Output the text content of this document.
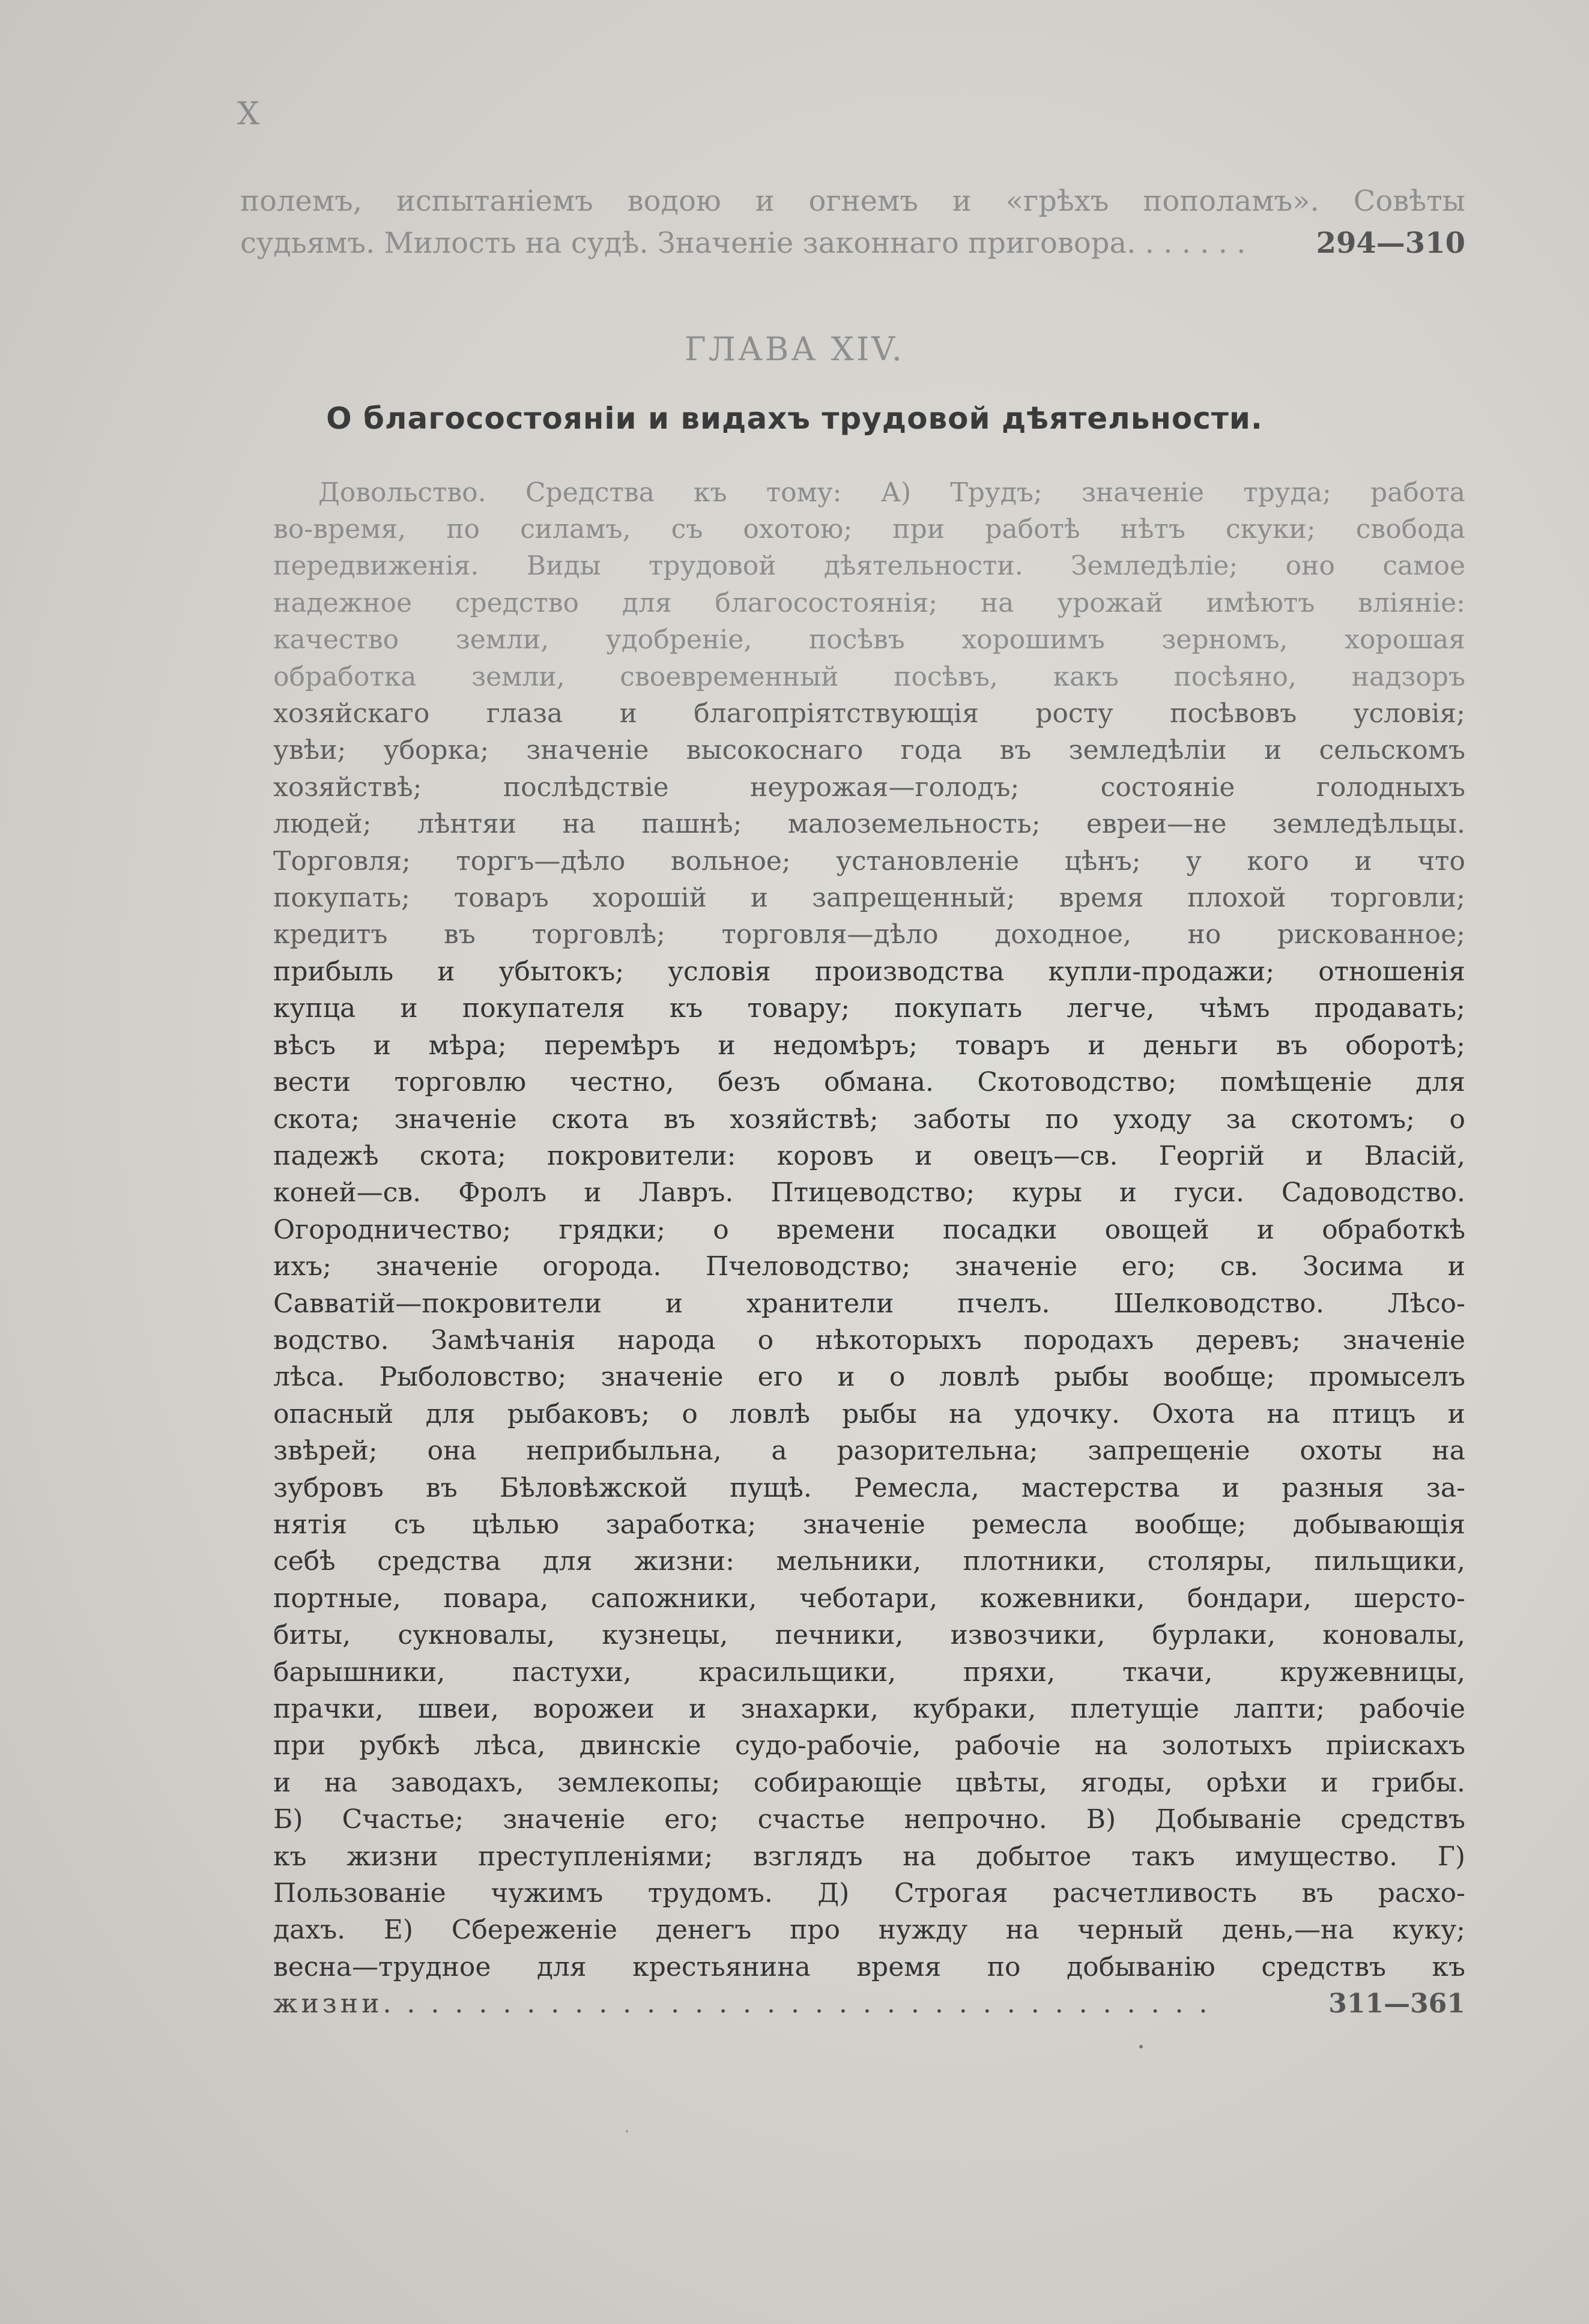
X
полемъ, испытаніемъ водою и огнемъ и «грѣхъ пополамъ». Совѣты
судьямъ. Милость на судѣ. Значеніе законнаго приговора. . . . . . . 294—310
ГЛАВА XIV.
О благосостояніи и видахъ трудовой дѣятельности.
Довольство. Средства къ тому: А) Трудъ; значеніе труда; работа
во-время, по силамъ, съ охотою; при работѣ нѣтъ скуки; свобода
передвиженія. Виды трудовой дѣятельности. Земледѣліе; оно самое
надежное средство для благосостоянія; на урожай имѣютъ вліяніе:
качество земли, удобреніе, посѣвъ хорошимъ зерномъ, хорошая
обработка земли, своевременный посѣвъ, какъ посѣяно, надзоръ
хозяйскаго глаза и благопріятствующія росту посѣвовъ условія;
увѣи; уборка; значеніе высокоснаго года въ земледѣліи и сельскомъ
хозяйствѣ; послѣдствіе неурожая—голодъ; состояніе голодныхъ
людей; лѣнтяи на пашнѣ; малоземельность; евреи—не земледѣльцы.
Торговля; торгъ—дѣло вольное; установленіе цѣнъ; у кого и что
покупать; товаръ хорошій и запрещенный; время плохой торговли;
кредитъ въ торговлѣ; торговля—дѣло доходное, но рискованное;
прибыль и убытокъ; условія производства купли-продажи; отношенія
купца и покупателя къ товару; покупать легче, чѣмъ продавать;
вѣсъ и мѣра; перемѣръ и недомѣръ; товаръ и деньги въ оборотѣ;
вести торговлю честно, безъ обмана. Скотоводство; помѣщеніе для
скота; значеніе скота въ хозяйствѣ; заботы по уходу за скотомъ; о
падежѣ скота; покровители: коровъ и овецъ—св. Георгій и Власій,
коней—св. Фролъ и Лавръ. Птицеводство; куры и гуси. Садоводство.
Огородничество; грядки; о времени посадки овощей и обработкѣ
ихъ; значеніе огорода. Пчеловодство; значеніе его; св. Зосима и
Савватій—покровители и хранители пчелъ. Шелководство. Лѣсо-
водство. Замѣчанія народа о нѣкоторыхъ породахъ деревъ; значеніе
лѣса. Рыболовство; значеніе его и о ловлѣ рыбы вообще; промыселъ
опасный для рыбаковъ; о ловлѣ рыбы на удочку. Охота на птицъ и
звѣрей; она неприбыльна, а разорительна; запрещеніе охоты на
зубровъ въ Бѣловѣжской пущѣ. Ремесла, мастерства и разныя за-
нятія съ цѣлью заработка; значеніе ремесла вообще; добывающія
себѣ средства для жизни: мельники, плотники, столяры, пильщики,
портные, повара, сапожники, чеботари, кожевники, бондари, шерсто-
биты, сукновалы, кузнецы, печники, извозчики, бурлаки, коновалы,
барышники, пастухи, красильщики, пряхи, ткачи, кружевницы,
прачки, швеи, ворожеи и знахарки, кубраки, плетущіе лапти; рабочіе
при рубкѣ лѣса, двинскіе судо-рабочіе, рабочіе на золотыхъ пріискахъ
и на заводахъ, землекопы; собирающіе цвѣты, ягоды, орѣхи и грибы.
Б) Счастье; значеніе его; счастье непрочно. В) Добываніе средствъ
къ жизни преступленіями; взглядъ на добытое такъ имущество. Г)
Пользованіе чужимъ трудомъ. Д) Строгая расчетливость въ расхо-
дахъ. Е) Сбереженіе денегъ про нужду на черный день,—на куку;
весна—трудное для крестьянина время по добыванію средствъ къ
жизни. . . . . . . . . . . . . . . . . . . . . . . . . . . . . . . . . . .	311—361
